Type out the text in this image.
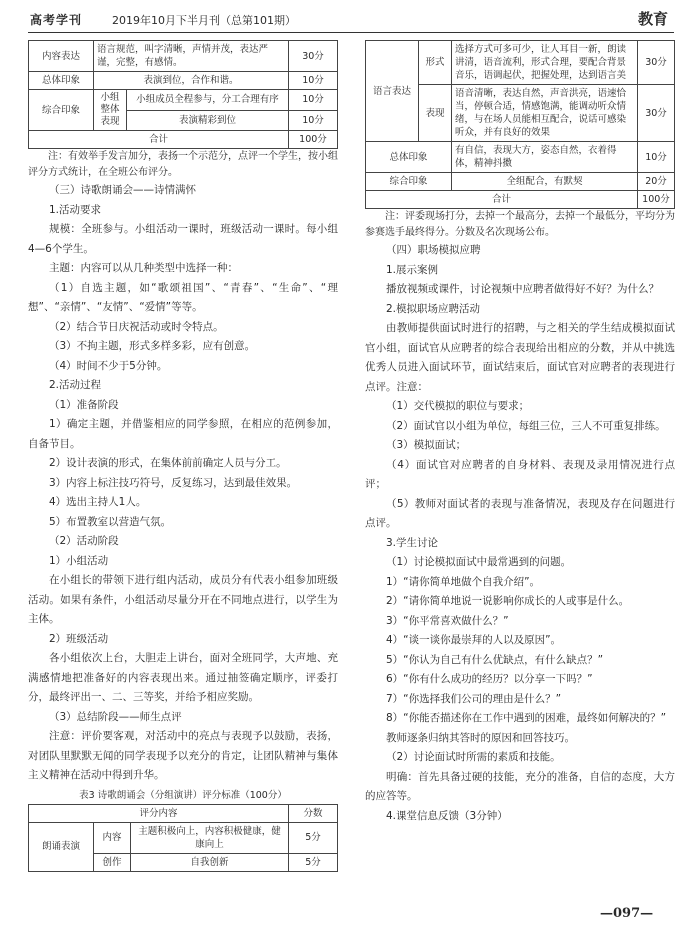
高考学刊	2019年10月下半月刊（总第101期）	教育
内容表达	语言规范，叫字清晰，声情并茂，表达严谨，完整，有感情。		30分
总体印象	表演到位，合作和谐。		10分
综合印象	小组整体表现	小组成员全程参与，分工合理有序	10分
		表演精彩到位	10分
合计			100分

注：有效举手发言加分，表扬一个示范分，点评一个学生，按小组评分方式统计，在全班公布评分。

（三）诗歌朗诵会——诗情满怀

1.活动要求

规模：全班参与。小组活动一课时，班级活动一课时。每小组4—6个学生。

主题：内容可以从几种类型中选择一种：

（1）自选主题，如“歌颂祖国”、“青春”、“生命”、“理想”、“亲情”、“友情”、“爱情”等等。

（2）结合节日庆祝活动或时令特点。

（3）不拘主题，形式多样多彩，应有创意。

（4）时间不少于5分钟。

2.活动过程

（1）准备阶段

1）确定主题，并借鉴相应的同学参照，在相应的范例参加，自备节目。

2）设计表演的形式，在集体前前确定人员与分工。

3）内容上标注技巧符号，反复练习，达到最佳效果。

4）选出主持人1人。

5）布置教室以营造气氛。

（2）活动阶段

1）小组活动

在小组长的带领下进行组内活动，成员分有代表小组参加班级活动。如果有条件，小组活动尽量分开在不同地点进行，以学生为主体。

2）班级活动

各小组依次上台，大胆走上讲台，面对全班同学，大声地、充满感情地把准备好的内容表现出来。通过抽签确定顺序，评委打分，最终评出一、二、三等奖，并给予相应奖励。

（3）总结阶段——师生点评

注意：评价要客观，对活动中的亮点与表现予以鼓励，表扬，对团队里默默无闻的同学表现予以充分的肯定，让团队精神与集体主义精神在活动中得到升华。

表3 诗歌朗诵会（分组演讲）评分标准（100分）
评分内容			分数
朗诵表演	内容	主题积极向上，内容积极健康，健康向上	5分
	创作	自我创新	5分
语言表达	形式	选择方式可多可少，让人耳目一新，朗读讲清，语音流利，形式合理，要配合背景音乐，语调起伏，把握处理，达到语言美	30分
	表现	语音清晰，表达自然，声音洪亮，语速恰当，停顿合适，情感饱满，能调动听众情绪，与在场人员能相互配合，说话可感染听众，并有良好的效果	30分
总体印象		有自信，表现大方，姿态自然，衣着得体，精神抖擞	10分
综合印象		全组配合，有默契	20分
合计			100分

注：评委现场打分，去掉一个最高分，去掉一个最低分，平均分为参赛选手最终得分。分数及名次现场公布。

（四）职场模拟应聘

1.展示案例

播放视频或课件，讨论视频中应聘者做得好不好？为什么？

2.模拟职场应聘活动

由教师提供面试时进行的招聘，与之相关的学生结成模拟面试官小组，面试官从应聘者的综合表现给出相应的分数，并从中挑选优秀人员进入面试环节，面试结束后，面试官对应聘者的表现进行点评。注意：

（1）交代模拟的职位与要求；

（2）面试官以小组为单位，每组三位，三人不可重复排练。

（3）模拟面试；

（4）面试官对应聘者的自身材料、表现及录用情况进行点评；

（5）教师对面试者的表现与准备情况，表现及存在问题进行点评。

3.学生讨论

（1）讨论模拟面试中最常遇到的问题。

1）“请你简单地做个自我介绍”。

2）“请你简单地说一说影响你成长的人或事是什么。

3）“你平常喜欢做什么？”

4）“谈一谈你最崇拜的人以及原因”。

5）“你认为自己有什么优缺点，有什么缺点？”

6）“你有什么成功的经历？以分享一下吗？”

7）“你选择我们公司的理由是什么？”

8）“你能否描述你在工作中遇到的困难，最终如何解决的？”

教师逐条归纳其答时的原因和回答技巧。

（2）讨论面试时所需的素质和技能。

明确：首先具备过硬的技能，充分的准备，自信的态度，大方的应答等。

4.课堂信息反馈（3分钟）

—097—
